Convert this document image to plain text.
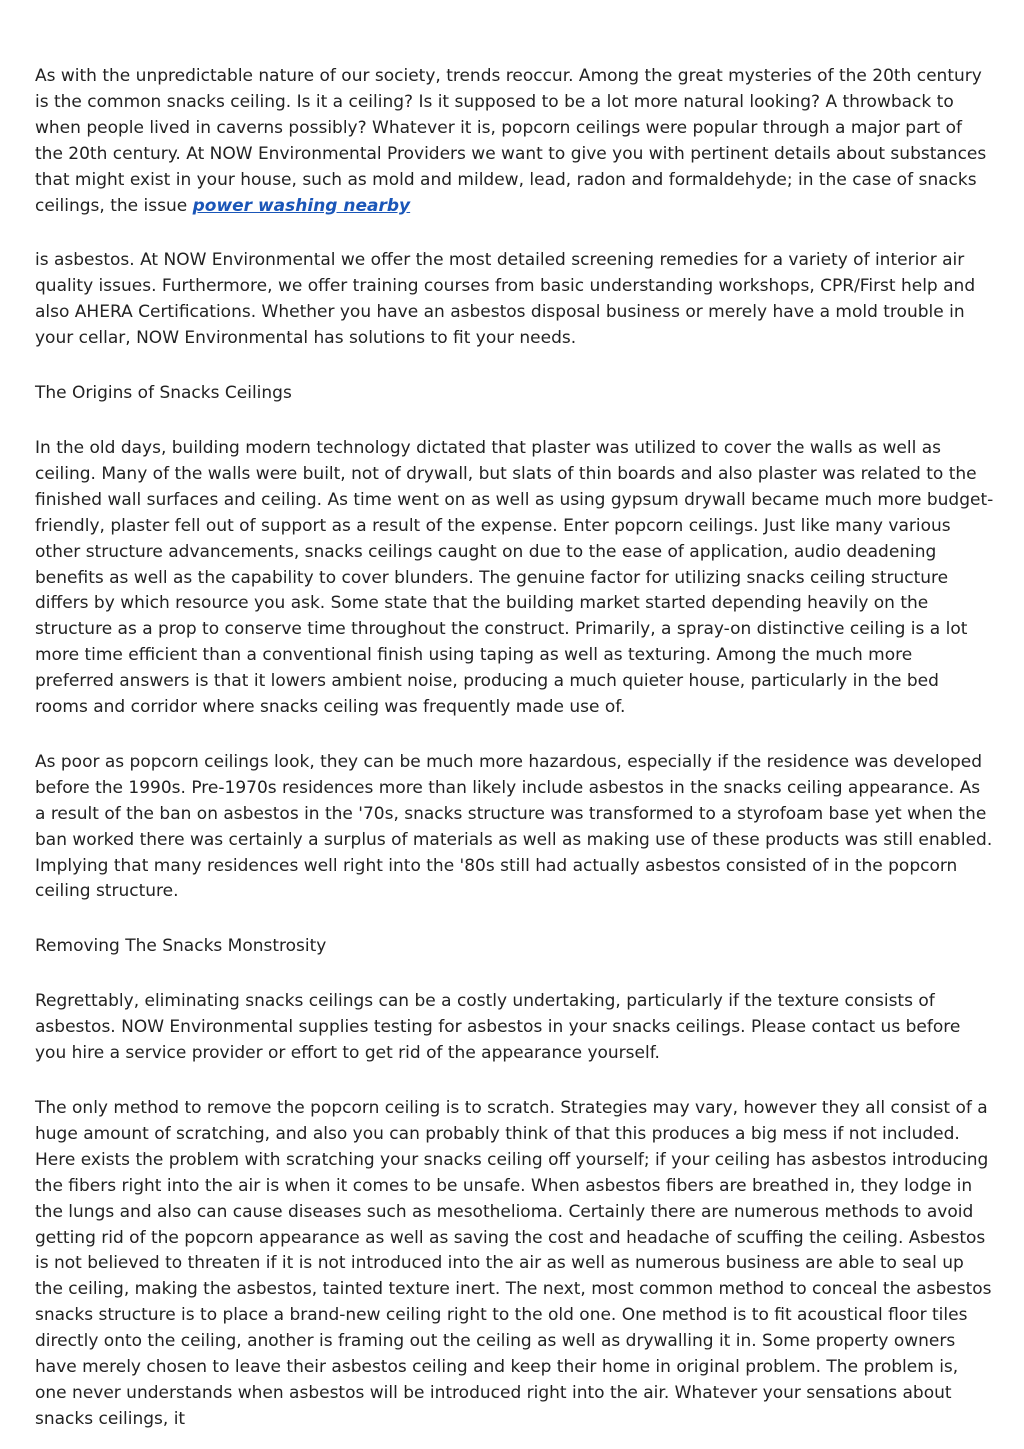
As with the unpredictable nature of our society, trends reoccur. Among the great mysteries of the 20th century is the common snacks ceiling. Is it a ceiling? Is it supposed to be a lot more natural looking? A throwback to when people lived in caverns possibly? Whatever it is, popcorn ceilings were popular through a major part of the 20th century. At NOW Environmental Providers we want to give you with pertinent details about substances that might exist in your house, such as mold and mildew, lead, radon and formaldehyde; in the case of snacks ceilings, the issue power washing nearby

is asbestos. At NOW Environmental we offer the most detailed screening remedies for a variety of interior air quality issues. Furthermore, we offer training courses from basic understanding workshops, CPR/First help and also AHERA Certifications. Whether you have an asbestos disposal business or merely have a mold trouble in your cellar, NOW Environmental has solutions to fit your needs.

The Origins of Snacks Ceilings

In the old days, building modern technology dictated that plaster was utilized to cover the walls as well as ceiling. Many of the walls were built, not of drywall, but slats of thin boards and also plaster was related to the finished wall surfaces and ceiling. As time went on as well as using gypsum drywall became much more budget-friendly, plaster fell out of support as a result of the expense. Enter popcorn ceilings. Just like many various other structure advancements, snacks ceilings caught on due to the ease of application, audio deadening benefits as well as the capability to cover blunders. The genuine factor for utilizing snacks ceiling structure differs by which resource you ask. Some state that the building market started depending heavily on the structure as a prop to conserve time throughout the construct. Primarily, a spray-on distinctive ceiling is a lot more time efficient than a conventional finish using taping as well as texturing. Among the much more preferred answers is that it lowers ambient noise, producing a much quieter house, particularly in the bed rooms and corridor where snacks ceiling was frequently made use of.

As poor as popcorn ceilings look, they can be much more hazardous, especially if the residence was developed before the 1990s. Pre-1970s residences more than likely include asbestos in the snacks ceiling appearance. As a result of the ban on asbestos in the '70s, snacks structure was transformed to a styrofoam base yet when the ban worked there was certainly a surplus of materials as well as making use of these products was still enabled. Implying that many residences well right into the '80s still had actually asbestos consisted of in the popcorn ceiling structure.

Removing The Snacks Monstrosity

Regrettably, eliminating snacks ceilings can be a costly undertaking, particularly if the texture consists of asbestos. NOW Environmental supplies testing for asbestos in your snacks ceilings. Please contact us before you hire a service provider or effort to get rid of the appearance yourself.

The only method to remove the popcorn ceiling is to scratch. Strategies may vary, however they all consist of a huge amount of scratching, and also you can probably think of that this produces a big mess if not included. Here exists the problem with scratching your snacks ceiling off yourself; if your ceiling has asbestos introducing the fibers right into the air is when it comes to be unsafe. When asbestos fibers are breathed in, they lodge in the lungs and also can cause diseases such as mesothelioma. Certainly there are numerous methods to avoid getting rid of the popcorn appearance as well as saving the cost and headache of scuffing the ceiling. Asbestos is not believed to threaten if it is not introduced into the air as well as numerous business are able to seal up the ceiling, making the asbestos, tainted texture inert. The next, most common method to conceal the asbestos snacks structure is to place a brand-new ceiling right to the old one. One method is to fit acoustical floor tiles directly onto the ceiling, another is framing out the ceiling as well as drywalling it in. Some property owners have merely chosen to leave their asbestos ceiling and keep their home in original problem. The problem is, one never understands when asbestos will be introduced right into the air. Whatever your sensations about snacks ceilings, it
